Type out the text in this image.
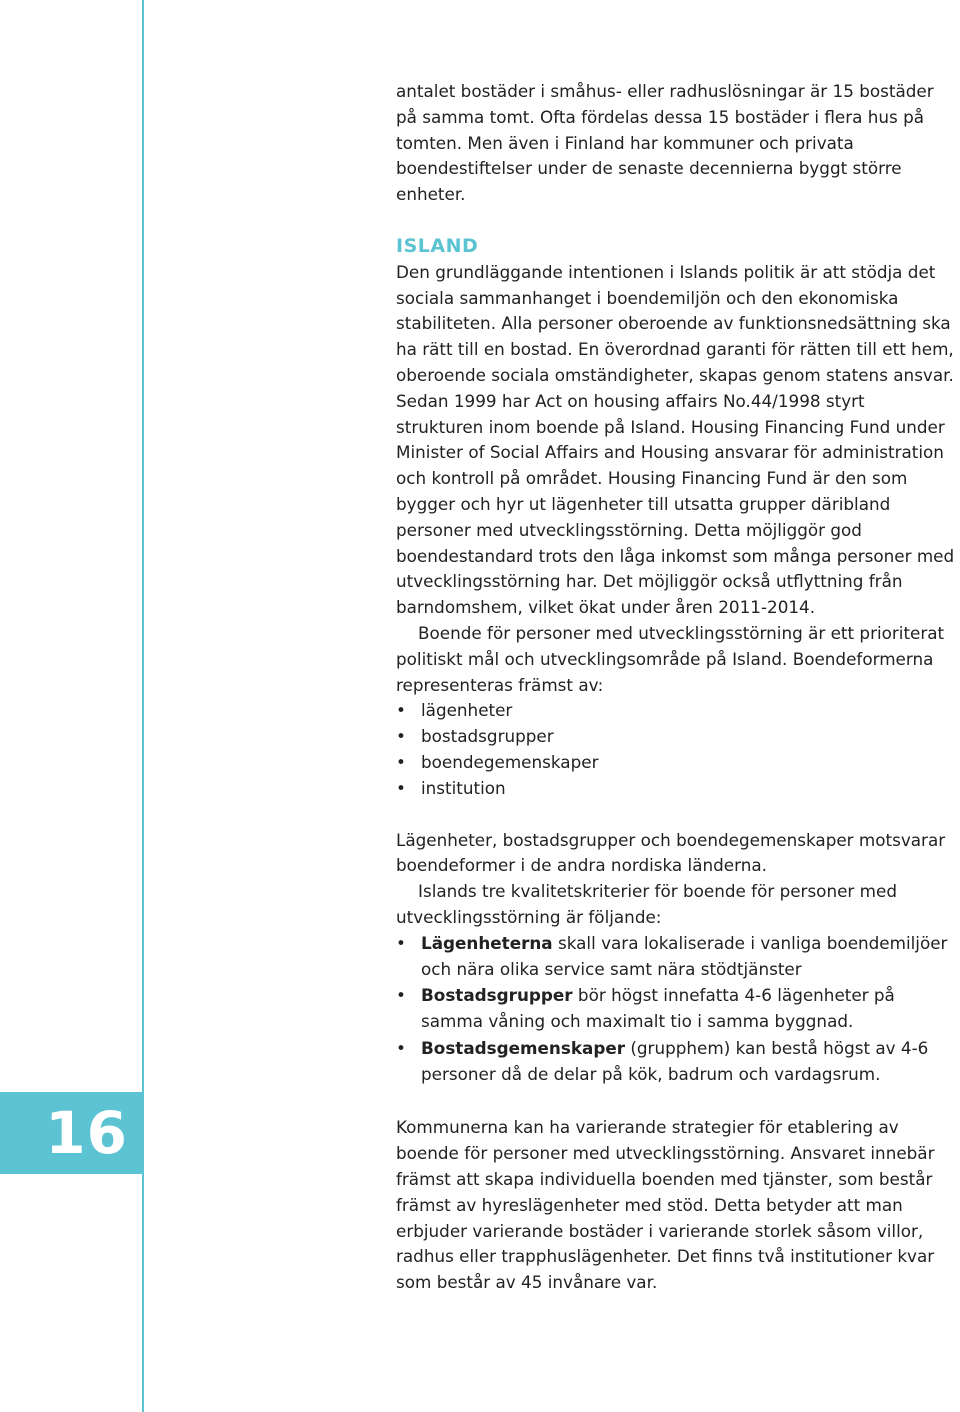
16

antalet bostäder i småhus- eller radhuslösningar är 15 bostäder på samma tomt. Ofta fördelas dessa 15 bostäder i flera hus på tomten. Men även i Finland har kommuner och privata boendestiftelser under de senaste decennierna byggt större enheter.

ISLAND

Den grundläggande intentionen i Islands politik är att stödja det sociala sammanhanget i boendemiljön och den ekonomiska stabiliteten. Alla personer oberoende av funktionsnedsättning ska ha rätt till en bostad. En överordnad garanti för rätten till ett hem, oberoende sociala omständigheter, skapas genom statens ansvar. Sedan 1999 har Act on housing affairs No.44/1998 styrt strukturen inom boende på Island. Housing Financing Fund under Minister of Social Affairs and Housing ansvarar för administration och kontroll på området. Housing Financing Fund är den som bygger och hyr ut lägenheter till utsatta grupper däribland personer med utvecklingsstörning. Detta möjliggör god boendestandard trots den låga inkomst som många personer med utvecklingsstörning har. Det möjliggör också utflyttning från barndomshem, vilket ökat under åren 2011-2014.

Boende för personer med utvecklingsstörning är ett prioriterat politiskt mål och utvecklingsområde på Island. Boendeformerna representeras främst av:

• lägenheter
• bostadsgrupper
• boendegemenskaper
• institution

Lägenheter, bostadsgrupper och boendegemenskaper motsvarar boendeformer i de andra nordiska länderna.

Islands tre kvalitetskriterier för boende för personer med utvecklingsstörning är följande:

• Lägenheterna skall vara lokaliserade i vanliga boendemiljöer och nära olika service samt nära stödtjänster
• Bostadsgrupper bör högst innefatta 4-6 lägenheter på samma våning och maximalt tio i samma byggnad.
• Bostadsgemenskaper (grupphem) kan bestå högst av 4-6 personer då de delar på kök, badrum och vardagsrum.

Kommunerna kan ha varierande strategier för etablering av boende för personer med utvecklingsstörning. Ansvaret innebär främst att skapa individuella boenden med tjänster, som består främst av hyreslägenheter med stöd. Detta betyder att man erbjuder varierande bostäder i varierande storlek såsom villor, radhus eller trapphuslägenheter. Det finns två institutioner kvar som består av 45 invånare var.
